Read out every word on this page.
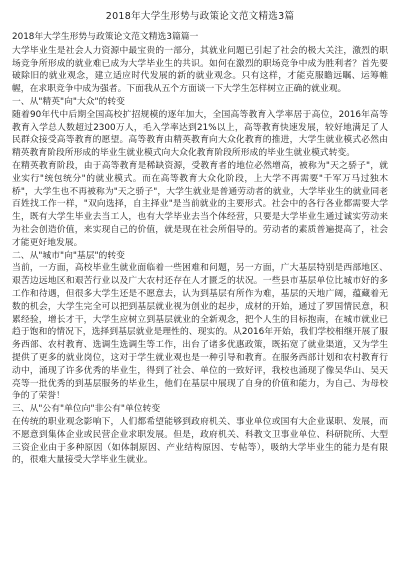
2018年大学生形势与政策论文范文精选3篇
2018年大学生形势与政策论文范文精选3篇篇一
大学毕业生是社会人力资源中最宝贵的一部分，其就业问题已引起了社会的极大关注，激烈的职场竞争所形成的就业难已成为大学毕业生的共识。如何在激烈的职场竞争中成为胜利者？首先要破除旧的就业观念，建立适应时代发展的新的就业观念。只有这样，才能克服瞻远瞩、运筹帷幄，在求职竞争中成为强者。下面我从五个方面谈一下大学生怎样树立正确的就业观。
一、从"精英"向"大众"的转变
随着90年代中后期全国高校扩招规模的逐年加大，全国高等教育入学率居于高位，2016年高等教育入学总人数超过2300万人，毛入学率达到21%以上，高等教育快速发展，较好地满足了人民群众接受高等教育的愿望。高等教育由精英教育向大众化教育的推进，大学生就业模式必然由精英教育阶段所形成的毕业生就业模式向大众化教育阶段所形成的毕业生就业模式转变。
在精英教育阶段，由于高等教育是稀缺资源，受教育者的地位必然增高，被称为"天之骄子"，就业实行"统包统分"的就业模式。而在高等教育大众化阶段，上大学不再需要"千军万马过独木桥"，大学生也不再被称为"天之骄子"，大学生就业是普通劳动者的就业，大学毕业生的就业同老百姓找工作一样，"双向选择，自主择业"是当前就业的主要形式。社会中的各行各业都需要大学生，既有大学生毕业去当工人，也有大学毕业去当个体经营，只要是大学毕业生通过诚实劳动来为社会创造价值，来实现自己的价值，就是现在社会所倡导的。劳动者的素质普遍提高了，社会才能更好地发展。
二、从"城市"向"基层"的转变
当前，一方面，高校毕业生就业面临着一些困难和问题，另一方面，广大基层特别是西部地区、艰苦边远地区和艰苦行业以及广大农村还存在人才匮乏的状况。一些县市基层单位比城市好的多工作和待遇，但很多大学生还是不愿意去，认为到基层有所作为难，基层的天地广阔，蕴藏着无数的机会，大学生完全可以把到基层就业视为创业的起步，成材的开始，通过了罗国情民意，积累经验，增长才干，大学生应树立到基层就业的全新观念，把个人生的目标抱南，在城市就业已趋于饱和的情况下，选择到基层就业是理性的、现实的。从2016年开始，我们学校相继开展了服务西部、农村教育、选调生选调生等工作，出台了诸多优惠政策，既拓宽了就业渠道，又为学生提供了更多的就业岗位，这对于学生就业观也是一种引导和教育。在服务西部计划和农村教育行动中，涌现了许多优秀的毕业生，得到了社会、单位的一致好评，我校也涌现了像吴华山、吴天亮等一批优秀的到基层服务的毕业生，他们在基层中展现了自身的价值和能力，为自己、为母校争的了荣誉！
三、从"公有"单位向"非公有"单位转变
在传统的职业观念影响下，人们都希望能够到政府机关、事业单位或国有大企业谋职、发展，而不愿意到集体企业或民营企业求职发展。但是，政府机关、科教文卫事业单位、科研院所、大型三资企业由于多种原因（如体制原因、产业结构原因、专帖等），吸纳大学毕业生的能力是有限的，很难大量接受大学毕业生就业。
